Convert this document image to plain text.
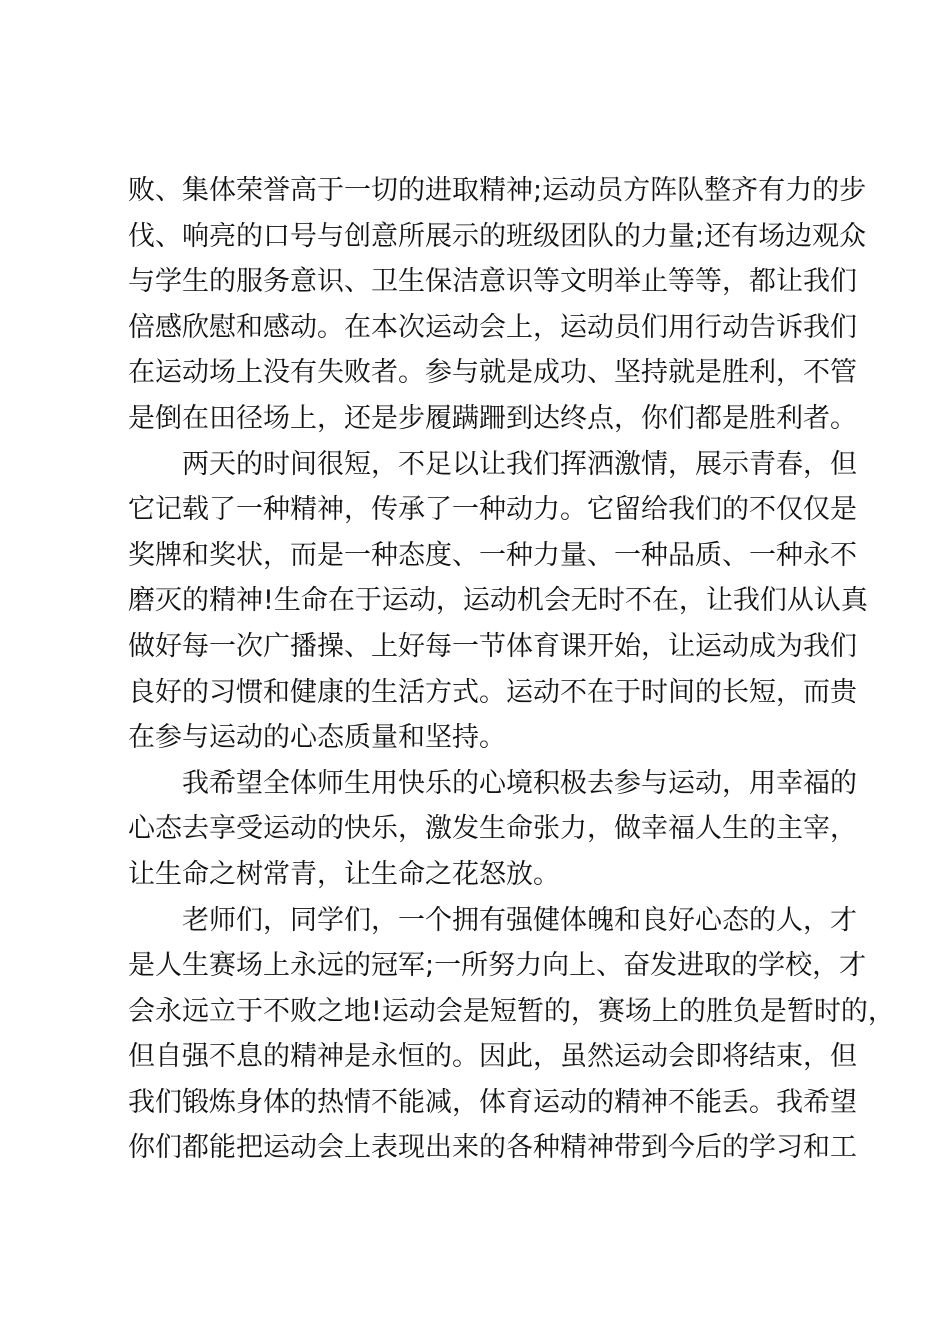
败、集体荣誉高于一切的进取精神;运动员方阵队整齐有力的步
伐、响亮的口号与创意所展示的班级团队的力量;还有场边观众
与学生的服务意识、卫生保洁意识等文明举止等等，都让我们
倍感欣慰和感动。在本次运动会上，运动员们用行动告诉我们
在运动场上没有失败者。参与就是成功、坚持就是胜利，不管
是倒在田径场上，还是步履蹒跚到达终点，你们都是胜利者。
两天的时间很短，不足以让我们挥洒激情，展示青春，但
它记载了一种精神，传承了一种动力。它留给我们的不仅仅是
奖牌和奖状，而是一种态度、一种力量、一种品质、一种永不
磨灭的精神!生命在于运动，运动机会无时不在，让我们从认真
做好每一次广播操、上好每一节体育课开始，让运动成为我们
良好的习惯和健康的生活方式。运动不在于时间的长短，而贵
在参与运动的心态质量和坚持。
我希望全体师生用快乐的心境积极去参与运动，用幸福的
心态去享受运动的快乐，激发生命张力，做幸福人生的主宰，
让生命之树常青，让生命之花怒放。
老师们，同学们，一个拥有强健体魄和良好心态的人，才
是人生赛场上永远的冠军;一所努力向上、奋发进取的学校，才
会永远立于不败之地!运动会是短暂的，赛场上的胜负是暂时的，
但自强不息的精神是永恒的。因此，虽然运动会即将结束，但
我们锻炼身体的热情不能减，体育运动的精神不能丢。我希望
你们都能把运动会上表现出来的各种精神带到今后的学习和工
